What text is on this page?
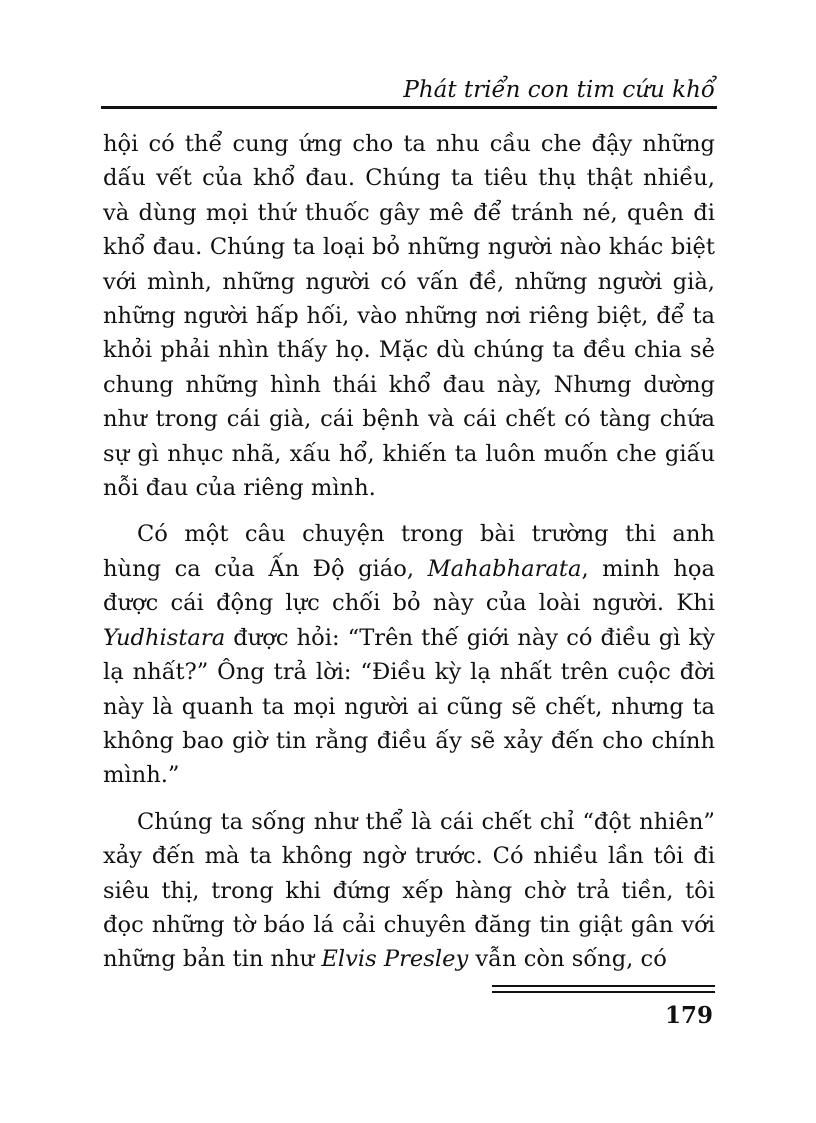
Phát triển con tim cứu khổ
hội có thể cung ứng cho ta nhu cầu che đậy những
dấu vết của khổ đau. Chúng ta tiêu thụ thật nhiều,
và dùng mọi thứ thuốc gây mê để tránh né, quên đi
khổ đau. Chúng ta loại bỏ những người nào khác biệt
với mình, những người có vấn đề, những người già,
những người hấp hối, vào những nơi riêng biệt, để ta
khỏi phải nhìn thấy họ. Mặc dù chúng ta đều chia sẻ
chung những hình thái khổ đau này, Nhưng dường
như trong cái già, cái bệnh và cái chết có tàng chứa
sự gì nhục nhã, xấu hổ, khiến ta luôn muốn che giấu
nỗi đau của riêng mình.
Có một câu chuyện trong bài trường thi anh
hùng ca của Ấn Độ giáo, Mahabharata, minh họa
được cái động lực chối bỏ này của loài người. Khi
Yudhistara được hỏi: “Trên thế giới này có điều gì kỳ
lạ nhất?” Ông trả lời: “Điều kỳ lạ nhất trên cuộc đời
này là quanh ta mọi người ai cũng sẽ chết, nhưng ta
không bao giờ tin rằng điều ấy sẽ xảy đến cho chính
mình.”
Chúng ta sống như thể là cái chết chỉ “đột nhiên”
xảy đến mà ta không ngờ trước. Có nhiều lần tôi đi
siêu thị, trong khi đứng xếp hàng chờ trả tiền, tôi
đọc những tờ báo lá cải chuyên đăng tin giật gân với
những bản tin như Elvis Presley vẫn còn sống, có
179
